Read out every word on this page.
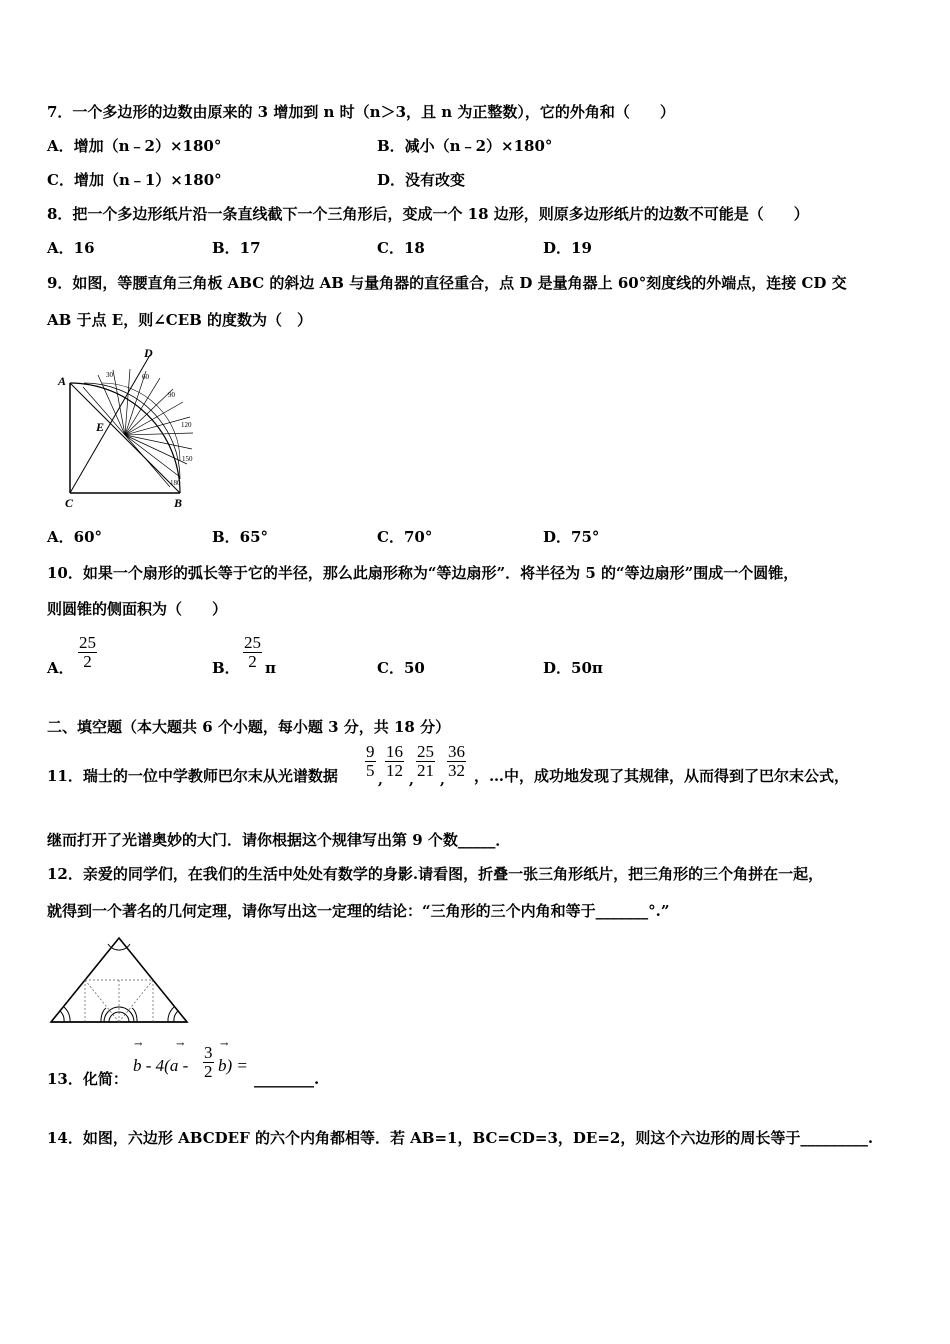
7．一个多边形的边数由原来的 3 增加到 n 时（n＞3，且 n 为正整数），它的外角和（　　）
A．增加（n﹣2）×180°	B．减小（n﹣2）×180°
C．增加（n﹣1）×180°	D．没有改变
8．把一个多边形纸片沿一条直线截下一个三角形后，变成一个 18 边形，则原多边形纸片的边数不可能是（　　）
A．16	B．17	C．18	D．19
9．如图，等腰直角三角板 ABC 的斜边 AB 与量角器的直径重合，点 D 是量角器上 60°刻度线的外端点，连接 CD 交
AB 于点 E，则∠CEB 的度数为（　）
30	60
90
120
150
180
A
D
E
C	B
A．60°	B．65°	C．70°	D．75°
10．如果一个扇形的弧长等于它的半径，那么此扇形称为“等边扇形”．将半径为 5 的“等边扇形”围成一个圆锥，
则圆锥的侧面积为（　　）
A． $\frac{25}{2}$	B． $\frac{25}{2}$ π	C．50	D．50π
二、填空题（本大题共 6 个小题，每小题 3 分，共 18 分）
11．瑞士的一位中学教师巴尔末从光谱数据 $\frac{9}{5} \frac{16}{12} \frac{25}{21} \frac{36}{32}$
, , , ，…中，成功地发现了其规律，从而得到了巴尔末公式，
继而打开了光谱奥妙的大门．请你根据这个规律写出第 9 个数_____．
12．亲爱的同学们，在我们的生活中处处有数学的身影.请看图，折叠一张三角形纸片，把三角形的三个角拼在一起，
就得到一个著名的几何定理，请你写出这一定理的结论：“三角形的三个内角和等于_______°.”
13．化简：
b - 4(a -
→	→	→
$\frac{3}{2} b$) =
________.
14．如图，六边形 ABCDEF 的六个内角都相等．若 AB=1，BC=CD=3，DE=2，则这个六边形的周长等于_________.
